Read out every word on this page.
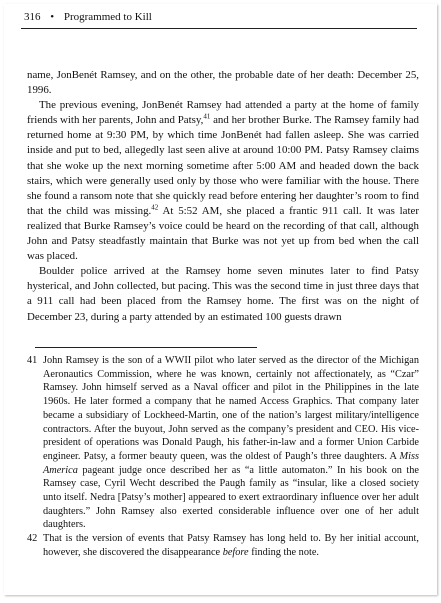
316 • Programmed to Kill

name, JonBenét Ramsey, and on the other, the probable date of her death: December 25, 1996.

The previous evening, JonBenét Ramsey had attended a party at the home of family friends with her parents, John and Patsy,$^{41}$ and her brother Burke. The Ramsey family had returned home at 9:30 PM, by which time JonBenét had fallen asleep. She was carried inside and put to bed, allegedly last seen alive at around 10:00 PM. Patsy Ramsey claims that she woke up the next morning sometime after 5:00 AM and headed down the back stairs, which were generally used only by those who were familiar with the house. There she found a ransom note that she quickly read before entering her daughter’s room to find that the child was missing.$^{42}$ At 5:52 AM, she placed a frantic 911 call. It was later realized that Burke Ramsey’s voice could be heard on the recording of that call, although John and Patsy steadfastly maintain that Burke was not yet up from bed when the call was placed.

Boulder police arrived at the Ramsey home seven minutes later to find Patsy hysterical, and John collected, but pacing. This was the second time in just three days that a 911 call had been placed from the Ramsey home. The first was on the night of December 23, during a party attended by an estimated 100 guests drawn

41 John Ramsey is the son of a WWII pilot who later served as the director of the Michigan Aeronautics Commission, where he was known, certainly not affectionately, as “Czar” Ramsey. John himself served as a Naval officer and pilot in the Philippines in the late 1960s. He later formed a company that he named Access Graphics. That company later became a subsidiary of Lockheed-Martin, one of the nation’s largest military/intelligence contractors. After the buyout, John served as the company’s president and CEO. His vice-president of operations was Donald Paugh, his father-in-law and a former Union Carbide engineer. Patsy, a former beauty queen, was the oldest of Paugh’s three daughters. A Miss America pageant judge once described her as “a little automaton.” In his book on the Ramsey case, Cyril Wecht described the Paugh family as “insular, like a closed society unto itself. Nedra [Patsy’s mother] appeared to exert extraordinary influence over her adult daughters.” John Ramsey also exerted considerable influence over one of her adult daughters.
42 That is the version of events that Patsy Ramsey has long held to. By her initial account, however, she discovered the disappearance before finding the note.
